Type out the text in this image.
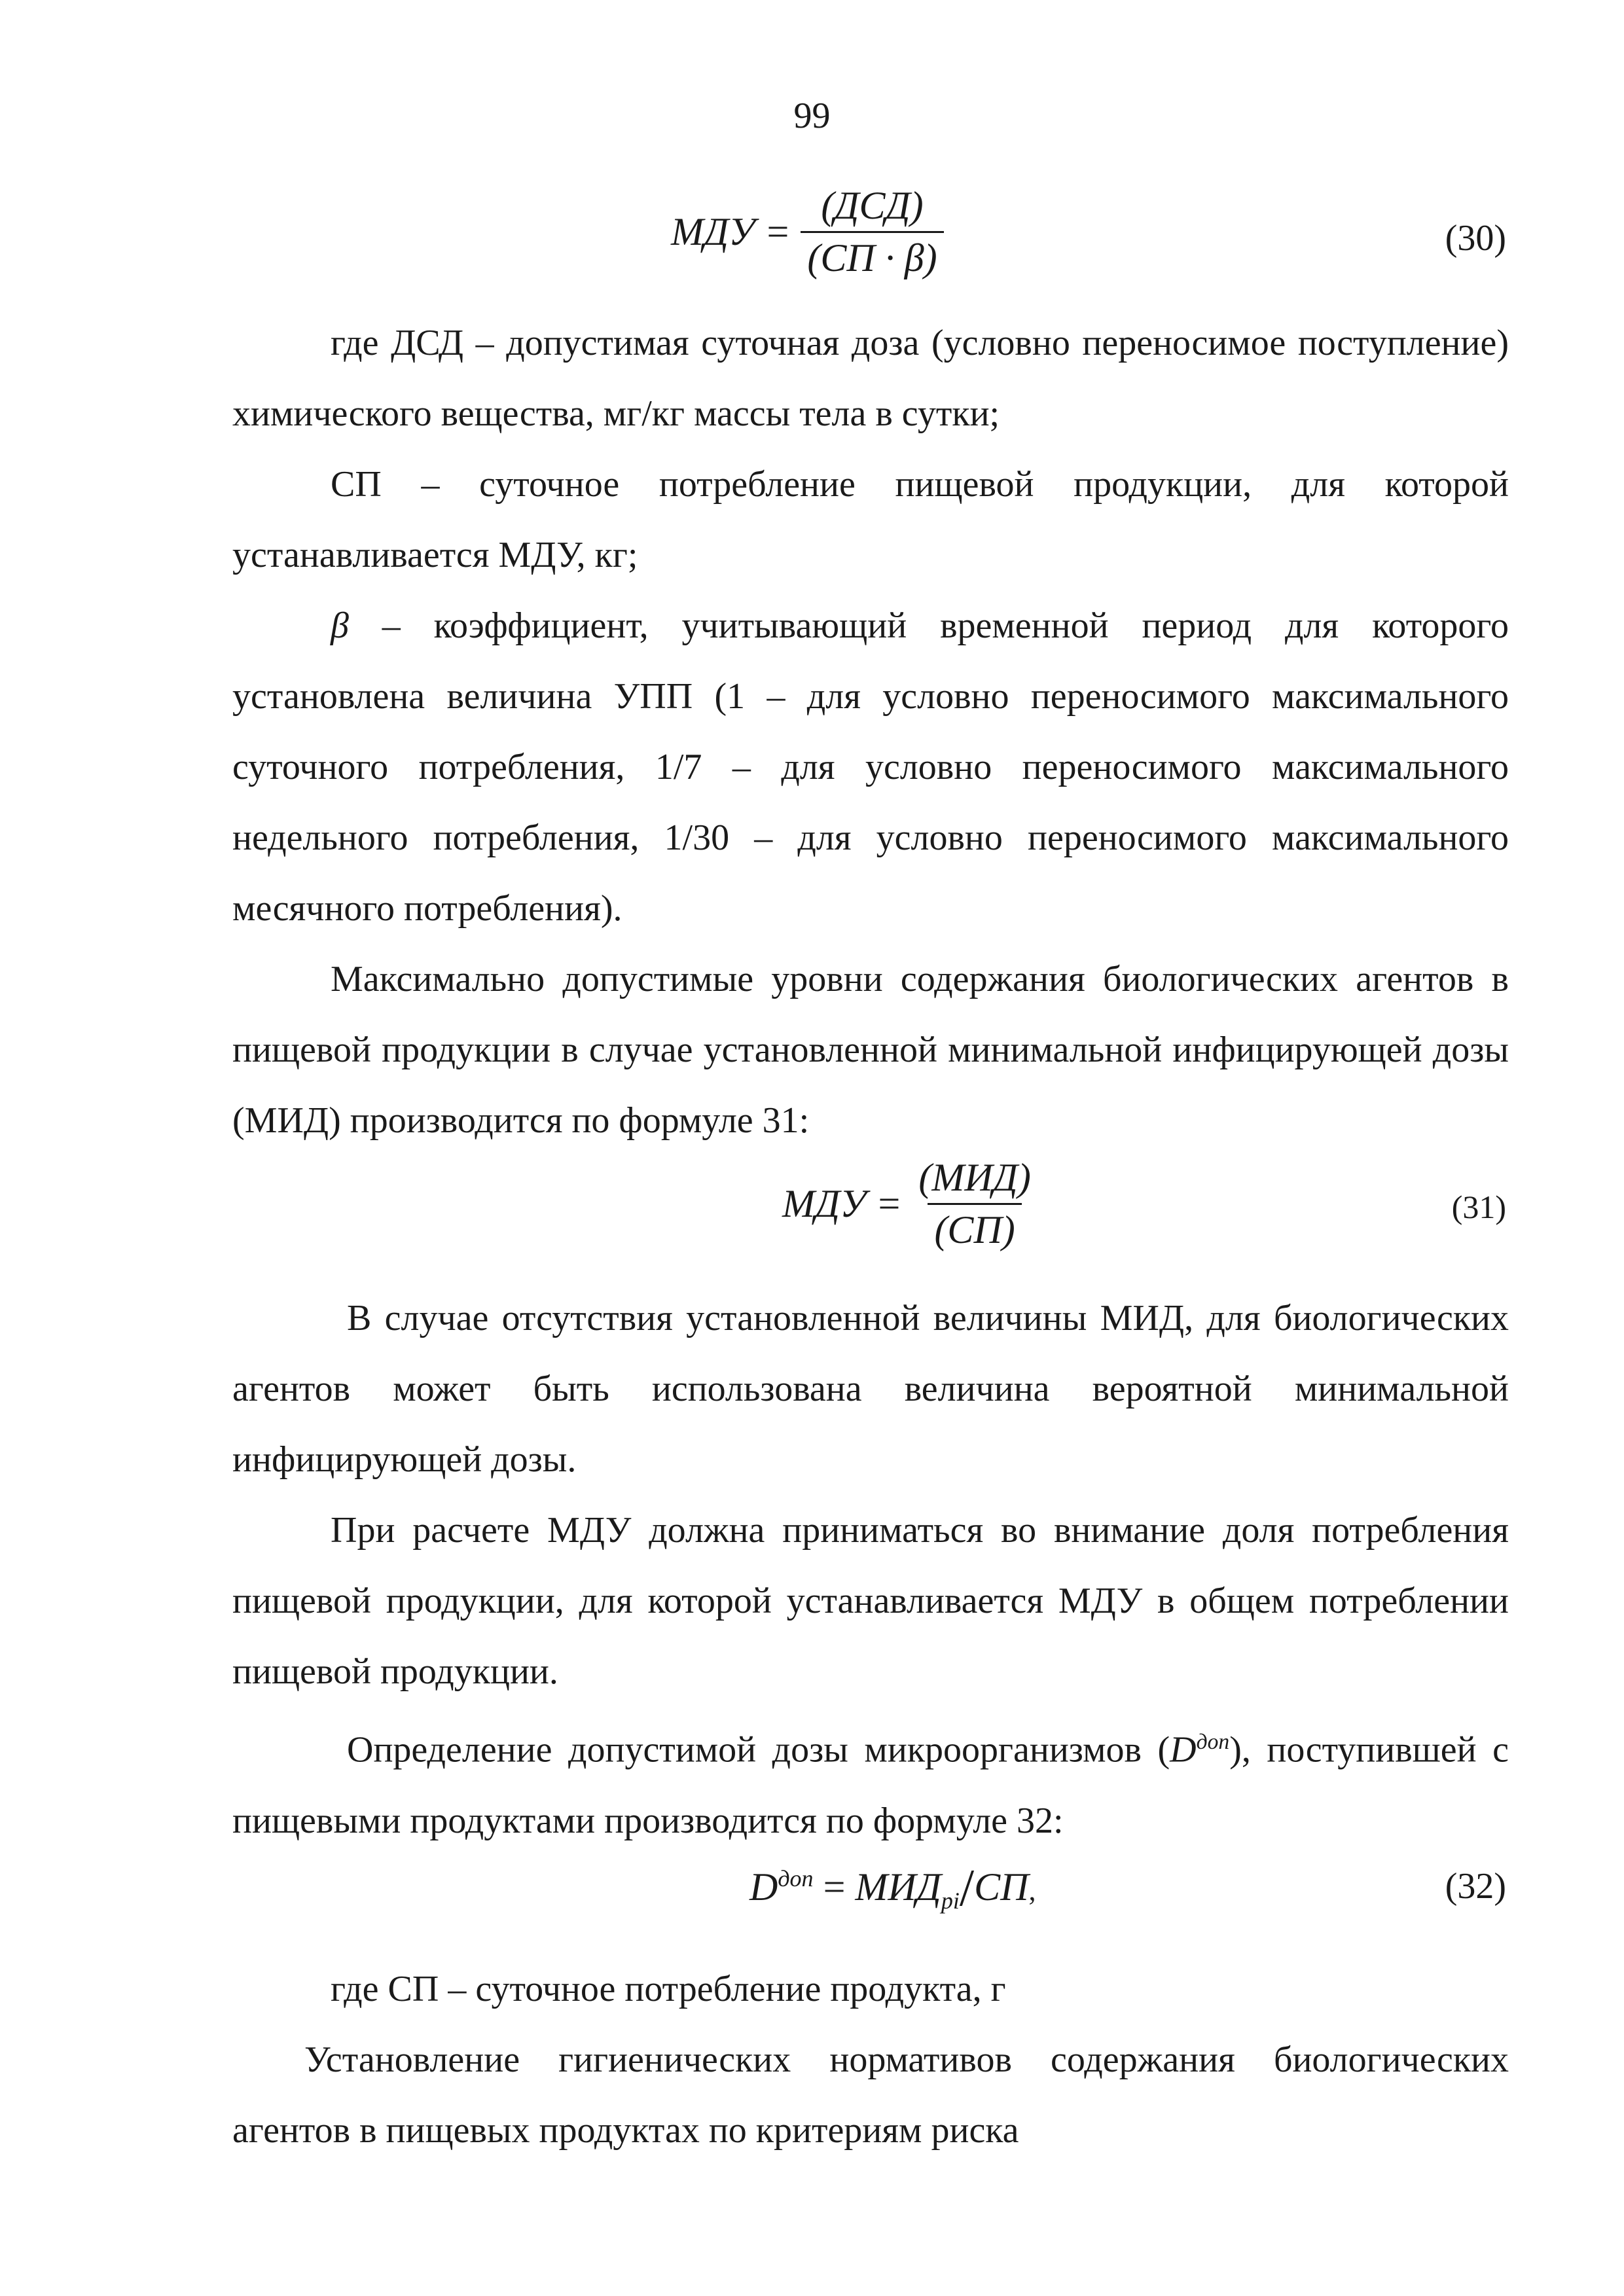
99
МДУ = $\frac{\text{(ДСД)}}{(СП \cdot \beta)}$	(30)
где ДСД – допустимая суточная доза (условно переносимое поступление) химического вещества, мг/кг массы тела в сутки;
СП – суточное потребление пищевой продукции, для которой устанавливается МДУ, кг;
β – коэффициент, учитывающий временной период для которого установлена величина УПП (1 – для условно переносимого максимального суточного потребления, 1/7 – для условно переносимого максимального недельного потребления, 1/30 – для условно переносимого максимального месячного потребления).
Максимально допустимые уровни содержания биологических агентов в пищевой продукции в случае установленной минимальной инфицирующей дозы (МИД) производится по формуле 31:
МДУ = $\frac{\text{(МИД)}}{(СП)}$	(31)
В случае отсутствия установленной величины МИД, для биологических агентов может быть использована величина вероятной минимальной инфицирующей дозы.
При расчете МДУ должна приниматься во внимание доля потребления пищевой продукции, для которой устанавливается МДУ в общем потреблении пищевой продукции.
Определение допустимой дозы микроорганизмов $(D^{доп})$, поступившей с пищевыми продуктами производится по формуле 32:
$D^{доп} = МИД_{pi}/СП$,	(32)
где СП – суточное потребление продукта, г
Установление гигиенических нормативов содержания биологических агентов в пищевых продуктах по критериям риска
